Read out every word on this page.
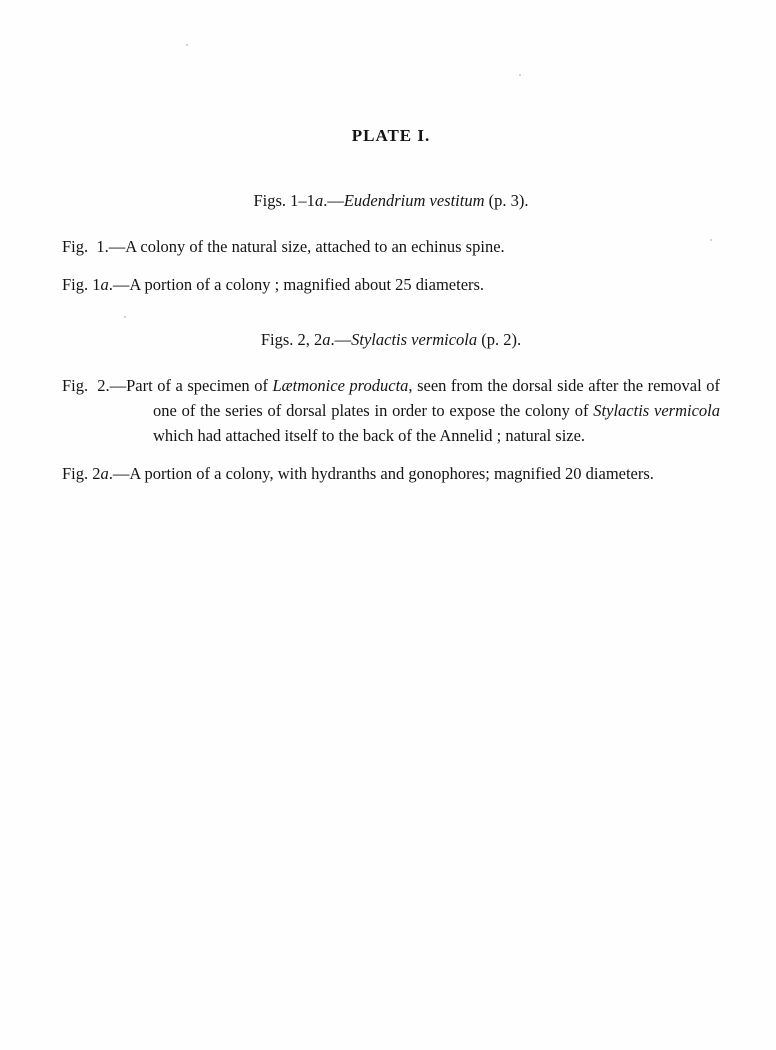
PLATE I.
Figs. 1–1a.—Eudendrium vestitum (p. 3).

Fig.  1.—A colony of the natural size, attached to an echinus spine.

Fig. 1a.—A portion of a colony ; magnified about 25 diameters.

Figs. 2, 2a.—Stylactis vermicola (p. 2).

Fig.  2.—Part of a specimen of Lætmonice producta, seen from the dorsal side after the removal of one of the series of dorsal plates in order to expose the colony of Stylactis vermicola which had attached itself to the back of the Annelid ; natural size.

Fig. 2a.—A portion of a colony, with hydranths and gonophores; magnified 20 diameters.
